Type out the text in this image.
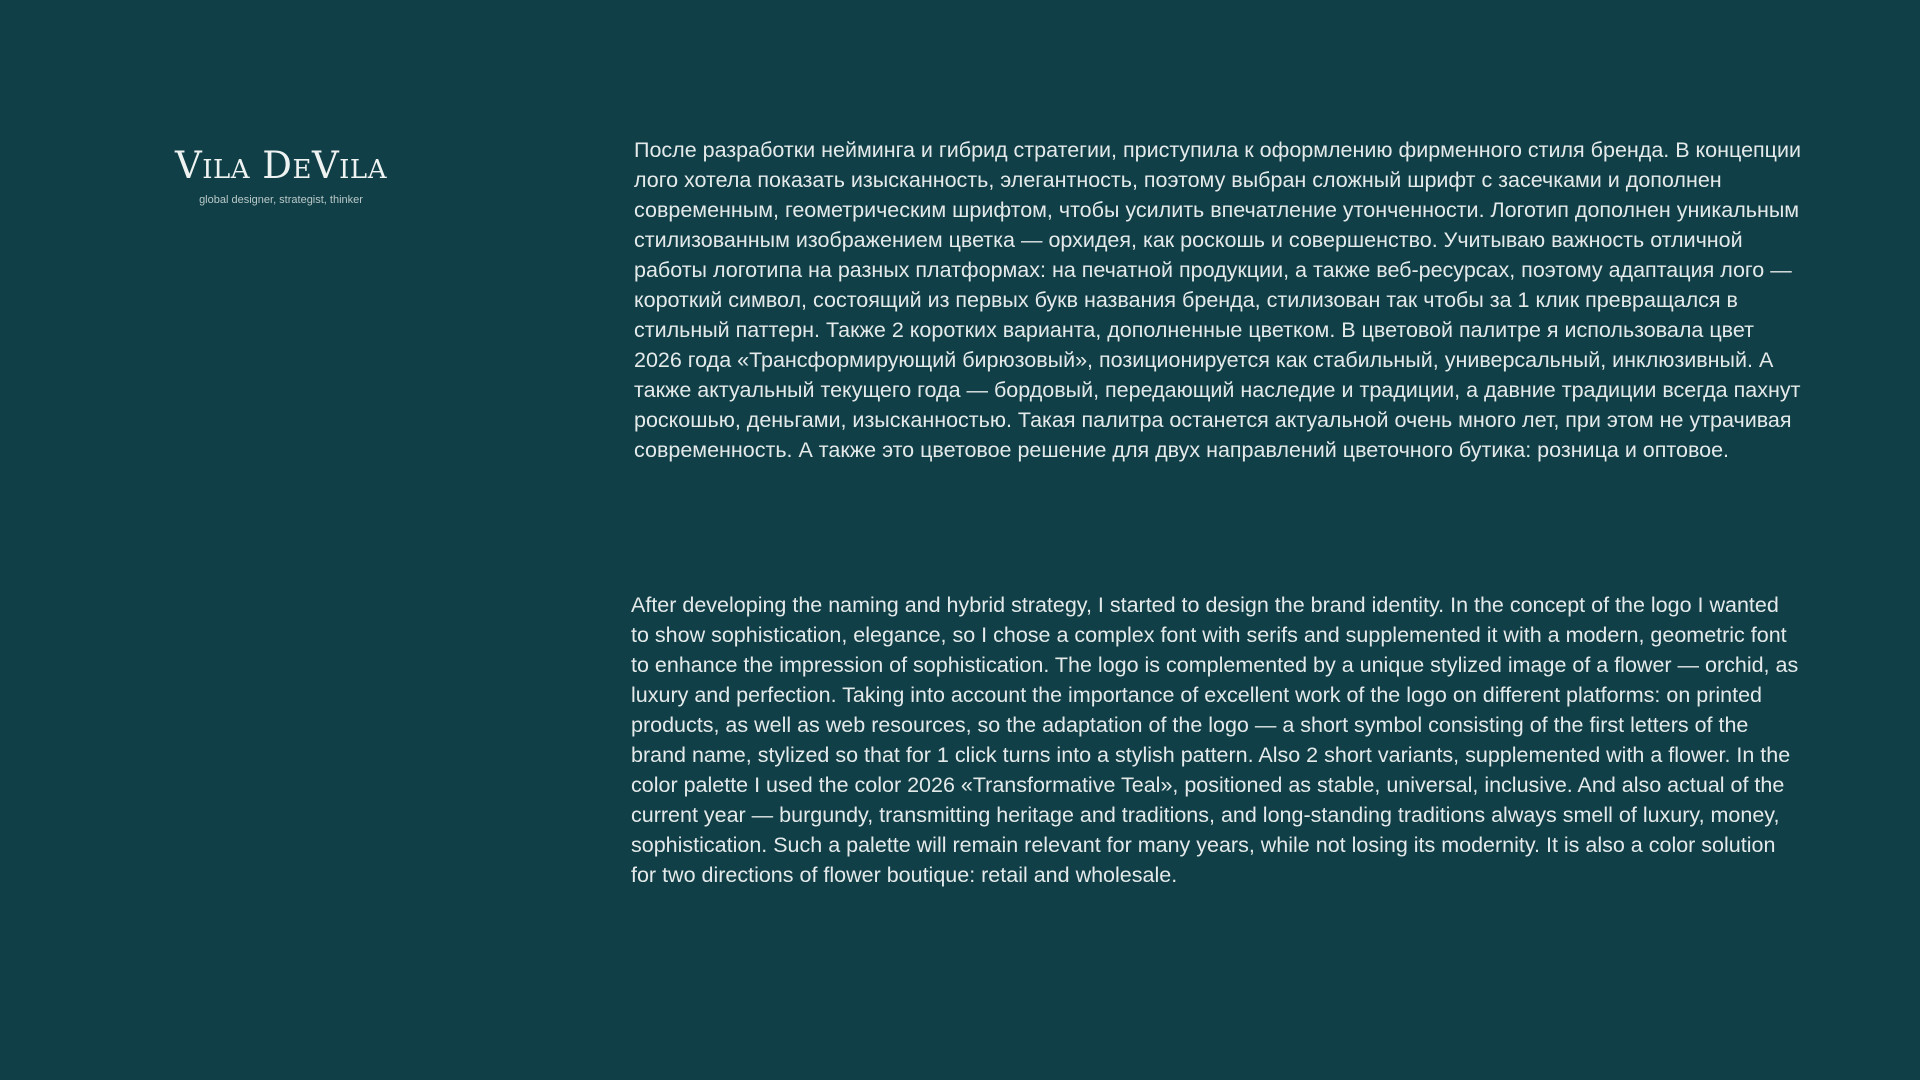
Vila DeVila
global designer, strategist, thinker

После разработки нейминга и гибрид стратегии, приступила к оформлению фирменного стиля бренда. В концепции лого хотела показать изысканность, элегантность, поэтому выбран сложный шрифт с засечками и дополнен современным, геометрическим шрифтом, чтобы усилить впечатление утонченности. Логотип дополнен уникальным стилизованным изображением цветка — орхидея, как роскошь и совершенство. Учитываю важность отличной работы логотипа на разных платформах: на печатной продукции, а также веб-ресурсах, поэтому адаптация лого — короткий символ, состоящий из первых букв названия бренда, стилизован так чтобы за 1 клик превращался в стильный паттерн. Также 2 коротких варианта, дополненные цветком. В цветовой палитре я использовала цвет 2026 года «Трансформирующий бирюзовый», позиционируется как стабильный, универсальный, инклюзивный. А также актуальный текущего года — бордовый, передающий наследие и традиции, а давние традиции всегда пахнут роскошью, деньгами, изысканностью. Такая палитра останется актуальной очень много лет, при этом не утрачивая современность. А также это цветовое решение для двух направлений цветочного бутика: розница и оптовое.

After developing the naming and hybrid strategy, I started to design the brand identity. In the concept of the logo I wanted to show sophistication, elegance, so I chose a complex font with serifs and supplemented it with a modern, geometric font to enhance the impression of sophistication. The logo is complemented by a unique stylized image of a flower — orchid, as luxury and perfection. Taking into account the importance of excellent work of the logo on different platforms: on printed products, as well as web resources, so the adaptation of the logo — a short symbol consisting of the first letters of the brand name, stylized so that for 1 click turns into a stylish pattern. Also 2 short variants, supplemented with a flower. In the color palette I used the color 2026 «Transformative Teal», positioned as stable, universal, inclusive. And also actual of the current year — burgundy, transmitting heritage and traditions, and long-standing traditions always smell of luxury, money, sophistication. Such a palette will remain relevant for many years, while not losing its modernity. It is also a color solution for two directions of flower boutique: retail and wholesale.
